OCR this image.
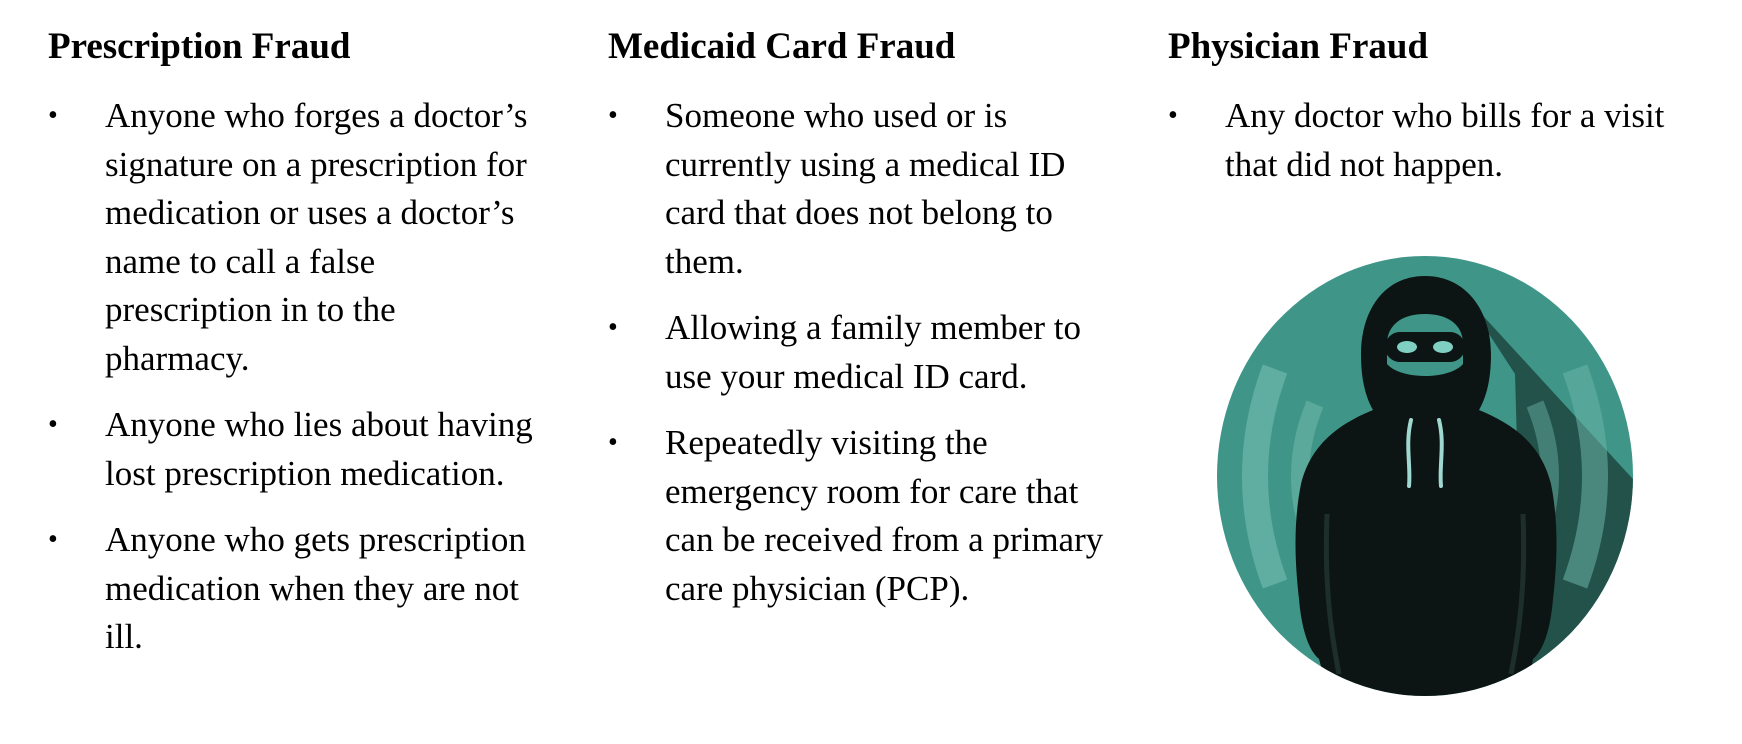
Prescription Fraud
• Anyone who forges a doctor’s
signature on a prescription for
medication or uses a doctor’s
name to call a false
prescription in to the
pharmacy.
• Anyone who lies about having
lost prescription medication.
• Anyone who gets prescription
medication when they are not
ill.
Medicaid Card Fraud
• Someone who used or is
currently using a medical ID
card that does not belong to
them.
• Allowing a family member to
use your medical ID card.
• Repeatedly visiting the
emergency room for care that
can be received from a primary
care physician (PCP).
Physician Fraud
• Any doctor who bills for a visit
that did not happen.
